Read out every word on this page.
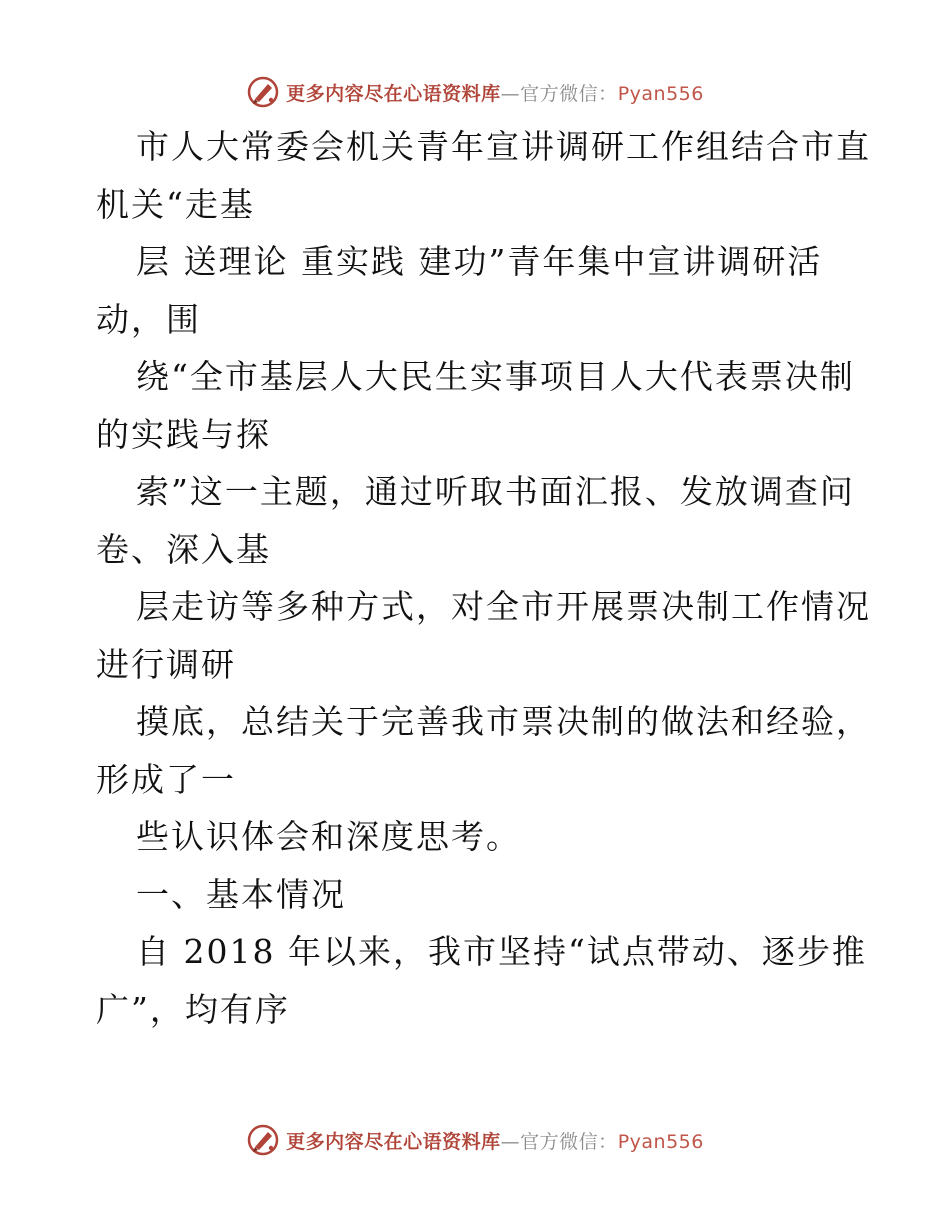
更多内容尽在心语资料库—官方微信：Pyan556
市人大常委会机关青年宣讲调研工作组结合市直
机关“走基
层 送理论 重实践 建功”青年集中宣讲调研活
动，围
绕“全市基层人大民生实事项目人大代表票决制
的实践与探
索”这一主题，通过听取书面汇报、发放调查问
卷、深入基
层走访等多种方式，对全市开展票决制工作情况
进行调研
摸底，总结关于完善我市票决制的做法和经验，
形成了一
些认识体会和深度思考。
一、基本情况
自 2018 年以来，我市坚持“试点带动、逐步推
广”，均有序
更多内容尽在心语资料库—官方微信：Pyan556
